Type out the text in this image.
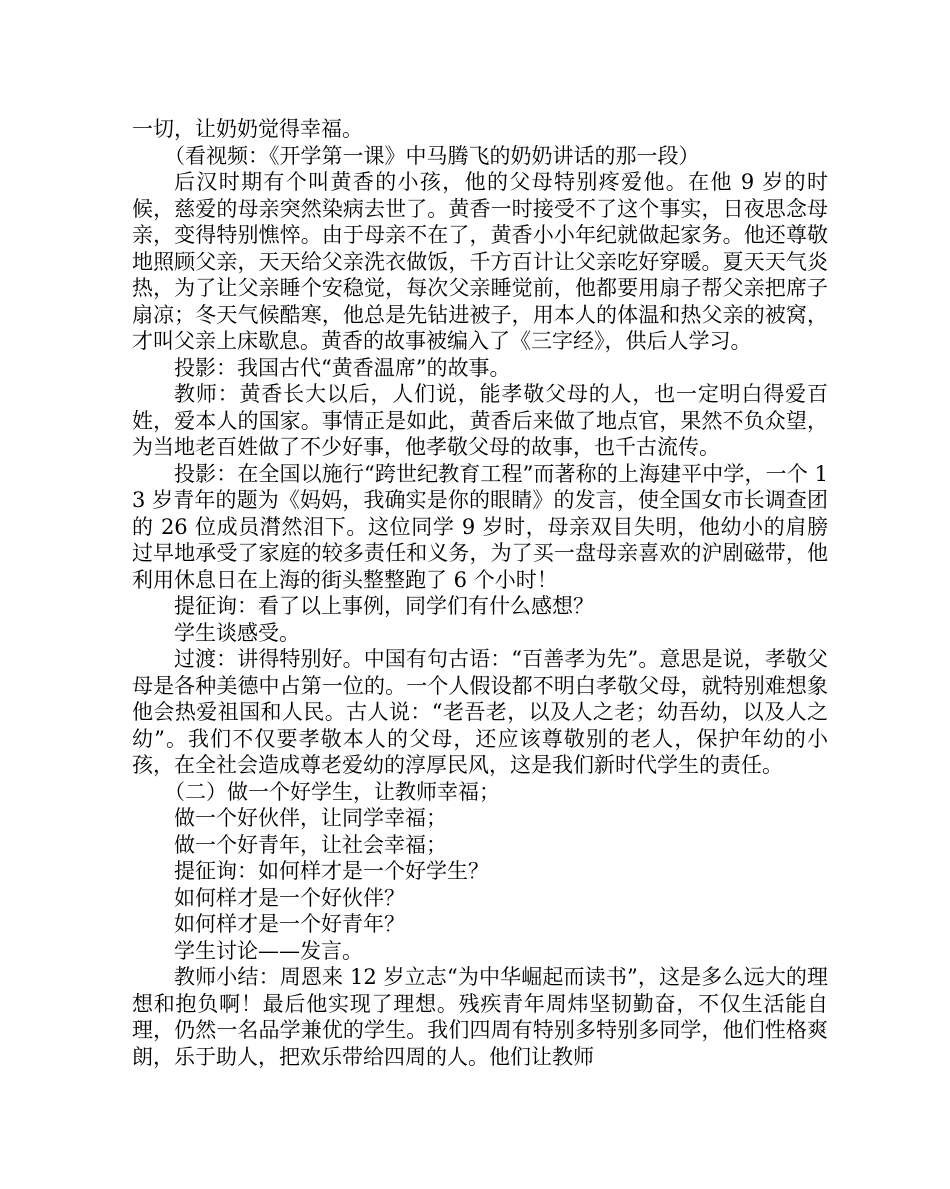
一切，让奶奶觉得幸福。

（看视频：《开学第一课》中马腾飞的奶奶讲话的那一段）

后汉时期有个叫黄香的小孩，他的父母特别疼爱他。在他 9 岁的时候，慈爱的母亲突然染病去世了。黄香一时接受不了这个事实，日夜思念母亲，变得特别憔悴。由于母亲不在了，黄香小小年纪就做起家务。他还尊敬地照顾父亲，天天给父亲洗衣做饭，千方百计让父亲吃好穿暖。夏天天气炎热，为了让父亲睡个安稳觉，每次父亲睡觉前，他都要用扇子帮父亲把席子扇凉；冬天气候酷寒，他总是先钻进被子，用本人的体温和热父亲的被窝，才叫父亲上床歇息。黄香的故事被编入了《三字经》，供后人学习。

投影：我国古代“黄香温席”的故事。

教师：黄香长大以后，人们说，能孝敬父母的人，也一定明白得爱百姓，爱本人的国家。事情正是如此，黄香后来做了地点官，果然不负众望，为当地老百姓做了不少好事，他孝敬父母的故事，也千古流传。

投影：在全国以施行“跨世纪教育工程”而著称的上海建平中学，一个 13 岁青年的题为《妈妈，我确实是你的眼睛》的发言，使全国女市长调查团的 26 位成员潸然泪下。这位同学 9 岁时，母亲双目失明，他幼小的肩膀过早地承受了家庭的较多责任和义务，为了买一盘母亲喜欢的沪剧磁带，他利用休息日在上海的街头整整跑了 6 个小时！

提征询：看了以上事例，同学们有什么感想？

学生谈感受。

过渡：讲得特别好。中国有句古语：“百善孝为先”。意思是说，孝敬父母是各种美德中占第一位的。一个人假设都不明白孝敬父母，就特别难想象他会热爱祖国和人民。古人说：“老吾老，以及人之老；幼吾幼，以及人之幼”。我们不仅要孝敬本人的父母，还应该尊敬别的老人，保护年幼的小孩，在全社会造成尊老爱幼的淳厚民风，这是我们新时代学生的责任。

（二）做一个好学生，让教师幸福；

做一个好伙伴，让同学幸福；

做一个好青年，让社会幸福；

提征询：如何样才是一个好学生？

如何样才是一个好伙伴？

如何样才是一个好青年？

学生讨论——发言。

教师小结：周恩来 12 岁立志“为中华崛起而读书”，这是多么远大的理想和抱负啊！最后他实现了理想。残疾青年周炜坚韧勤奋，不仅生活能自理，仍然一名品学兼优的学生。我们四周有特别多特别多同学，他们性格爽朗，乐于助人，把欢乐带给四周的人。他们让教师
